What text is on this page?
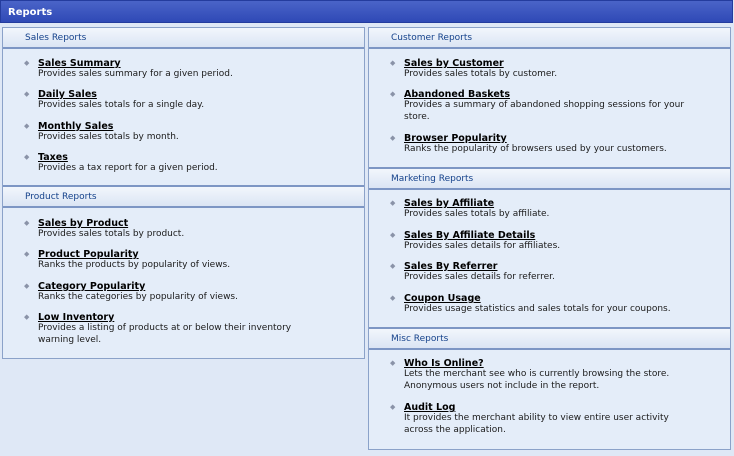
Reports
Sales Reports
◆ Sales Summary
Provides sales summary for a given period.
◆ Daily Sales
Provides sales totals for a single day.
◆ Monthly Sales
Provides sales totals by month.
◆ Taxes
Provides a tax report for a given period.
Product Reports
◆ Sales by Product
Provides sales totals by product.
◆ Product Popularity
Ranks the products by popularity of views.
◆ Category Popularity
Ranks the categories by popularity of views.
◆ Low Inventory
Provides a listing of products at or below their inventory warning level.
Customer Reports
◆ Sales by Customer
Provides sales totals by customer.
◆ Abandoned Baskets
Provides a summary of abandoned shopping sessions for your store.
◆ Browser Popularity
Ranks the popularity of browsers used by your customers.
Marketing Reports
◆ Sales by Affiliate
Provides sales totals by affiliate.
◆ Sales By Affiliate Details
Provides sales details for affiliates.
◆ Sales By Referrer
Provides sales details for referrer.
◆ Coupon Usage
Provides usage statistics and sales totals for your coupons.
Misc Reports
◆ Who Is Online?
Lets the merchant see who is currently browsing the store. Anonymous users not include in the report.
◆ Audit Log
It provides the merchant ability to view entire user activity across the application.
